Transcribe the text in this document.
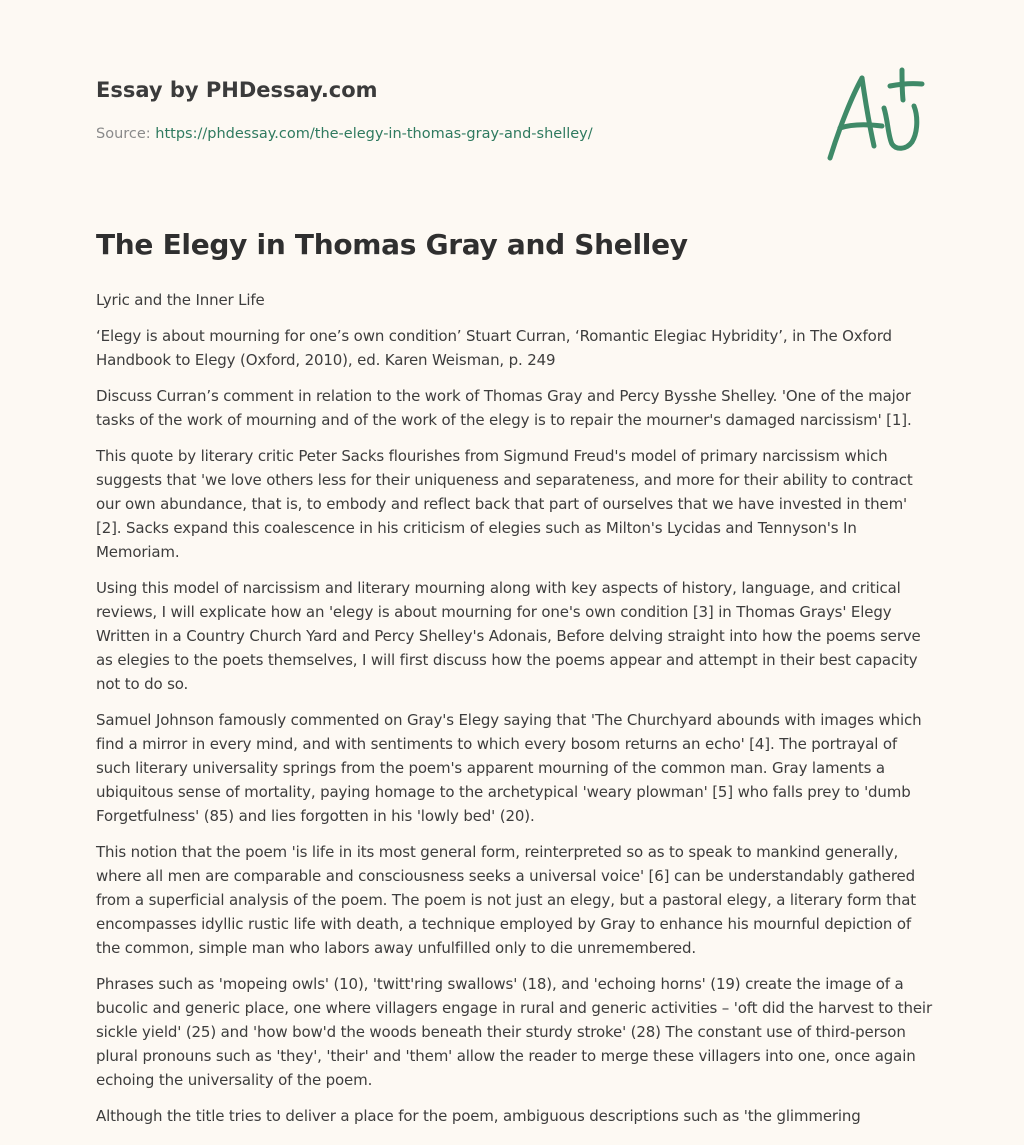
Essay by PHDessay.com
Source: https://phdessay.com/the-elegy-in-thomas-gray-and-shelley/
The Elegy in Thomas Gray and Shelley

Lyric and the Inner Life

‘Elegy is about mourning for one’s own condition’ Stuart Curran, ‘Romantic Elegiac Hybridity’, in The Oxford Handbook to Elegy (Oxford, 2010), ed. Karen Weisman, p. 249

Discuss Curran’s comment in relation to the work of Thomas Gray and Percy Bysshe Shelley. 'One of the major tasks of the work of mourning and of the work of the elegy is to repair the mourner's damaged narcissism' [1].

This quote by literary critic Peter Sacks flourishes from Sigmund Freud's model of primary narcissism which suggests that 'we love others less for their uniqueness and separateness, and more for their ability to contract our own abundance, that is, to embody and reflect back that part of ourselves that we have invested in them' [2]. Sacks expand this coalescence in his criticism of elegies such as Milton's Lycidas and Tennyson's In Memoriam.

Using this model of narcissism and literary mourning along with key aspects of history, language, and critical reviews, I will explicate how an 'elegy is about mourning for one's own condition [3] in Thomas Grays' Elegy Written in a Country Church Yard and Percy Shelley's Adonais, Before delving straight into how the poems serve as elegies to the poets themselves, I will first discuss how the poems appear and attempt in their best capacity not to do so.

Samuel Johnson famously commented on Gray's Elegy saying that 'The Churchyard abounds with images which find a mirror in every mind, and with sentiments to which every bosom returns an echo' [4]. The portrayal of such literary universality springs from the poem's apparent mourning of the common man. Gray laments a ubiquitous sense of mortality, paying homage to the archetypical 'weary plowman' [5] who falls prey to 'dumb Forgetfulness' (85) and lies forgotten in his 'lowly bed' (20).

This notion that the poem 'is life in its most general form, reinterpreted so as to speak to mankind generally, where all men are comparable and consciousness seeks a universal voice' [6] can be understandably gathered from a superficial analysis of the poem. The poem is not just an elegy, but a pastoral elegy, a literary form that encompasses idyllic rustic life with death, a technique employed by Gray to enhance his mournful depiction of the common, simple man who labors away unfulfilled only to die unremembered.

Phrases such as 'mopeing owls' (10), 'twitt'ring swallows' (18), and 'echoing horns' (19) create the image of a bucolic and generic place, one where villagers engage in rural and generic activities – 'oft did the harvest to their sickle yield' (25) and 'how bow'd the woods beneath their sturdy stroke' (28) The constant use of third-person plural pronouns such as 'they', 'their' and 'them' allow the reader to merge these villagers into one, once again echoing the universality of the poem.

Although the title tries to deliver a place for the poem, ambiguous descriptions such as 'the glimmering
